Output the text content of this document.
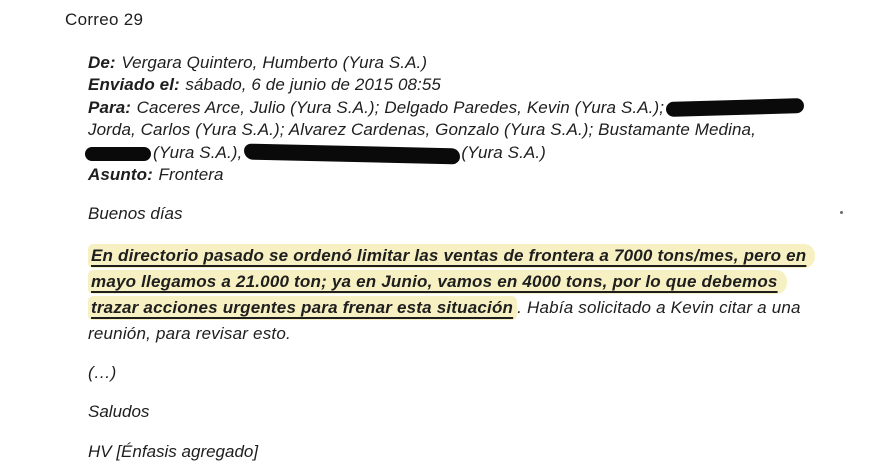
Correo 29
De: Vergara Quintero, Humberto (Yura S.A.)
Enviado el: sábado, 6 de junio de 2015 08:55
Para: Caceres Arce, Julio (Yura S.A.); Delgado Paredes, Kevin (Yura S.A.);
Jorda, Carlos (Yura S.A.); Alvarez Cardenas, Gonzalo (Yura S.A.); Bustamante Medina,
(Yura S.A.),	(Yura S.A.)
Asunto: Frontera
Buenos días
En directorio pasado se ordenó limitar las ventas de frontera a 7000 tons/mes, pero en
mayo llegamos a 21.000 ton; ya en Junio, vamos en 4000 tons, por lo que debemos
trazar acciones urgentes para frenar esta situación . Había solicitado a Kevin citar a una
reunión, para revisar esto.
(…)
Saludos
HV [Énfasis agregado]
